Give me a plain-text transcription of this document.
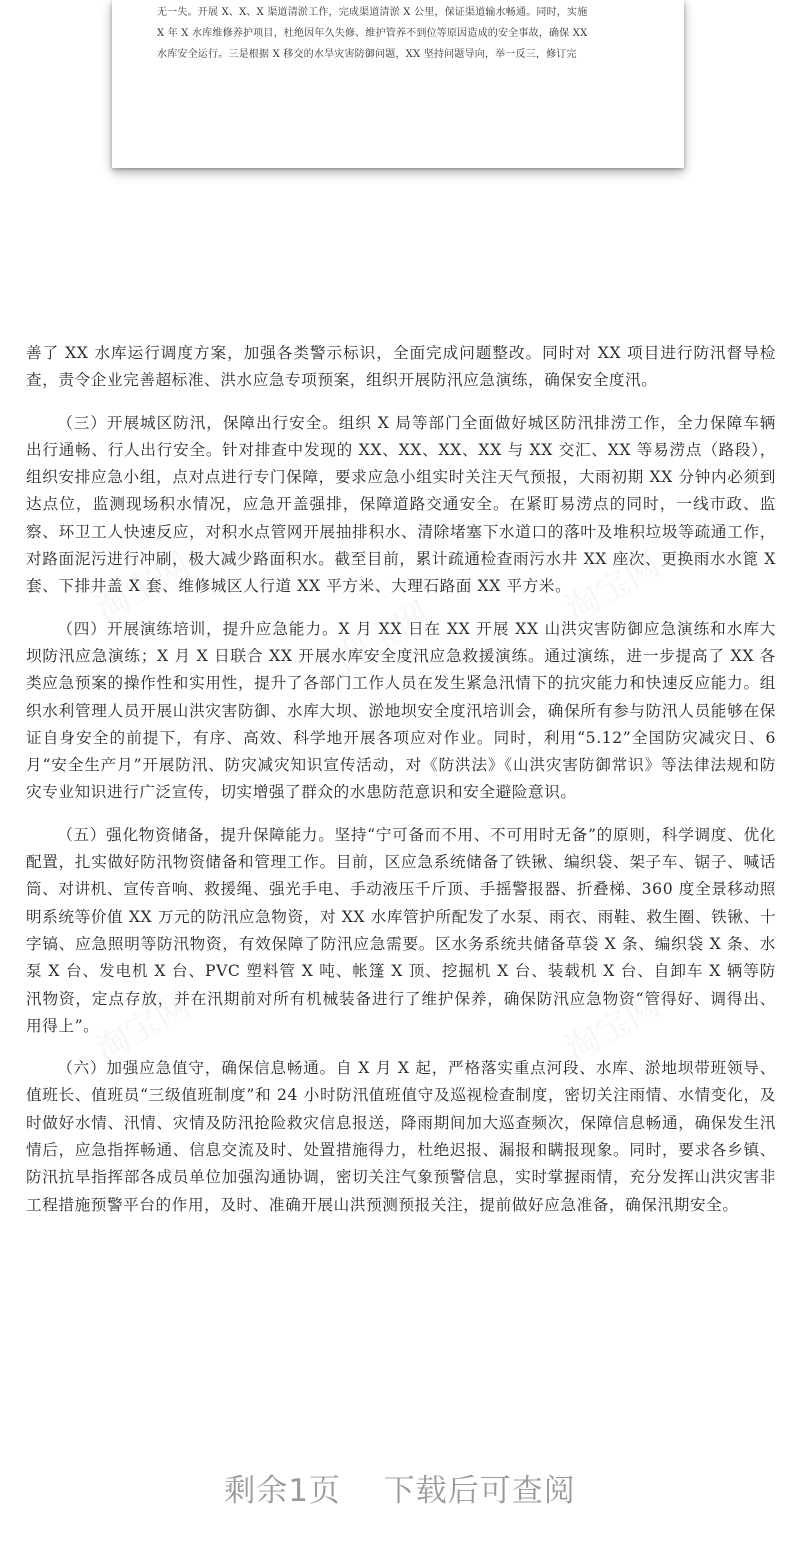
无一失。开展 X、X、X 渠道清淤工作，完成渠道清淤 X 公里，保证渠道输水畅通。同时，实施
X 年 X 水库维修养护项目，杜绝因年久失修、维护管养不到位等原因造成的安全事故，确保 XX
水库安全运行。三是根据 X 移交的水旱灾害防御问题，XX 坚持问题导向，举一反三，修订完
淘宝网
淘宝网
淘宝网
淘宝网	淘宝网

善了 XX 水库运行调度方案，加强各类警示标识，全面完成问题整改。同时对 XX 项目进行防汛督导检查，责令企业完善超标准、洪水应急专项预案，组织开展防汛应急演练，确保安全度汛。

（三）开展城区防汛，保障出行安全。组织 X 局等部门全面做好城区防汛排涝工作，全力保障车辆出行通畅、行人出行安全。针对排查中发现的 XX、XX、XX、XX 与 XX 交汇、XX 等易涝点（路段），组织安排应急小组，点对点进行专门保障，要求应急小组实时关注天气预报，大雨初期 XX 分钟内必须到达点位，监测现场积水情况，应急开盖强排，保障道路交通安全。在紧盯易涝点的同时，一线市政、监察、环卫工人快速反应，对积水点管网开展抽排积水、清除堵塞下水道口的落叶及堆积垃圾等疏通工作，对路面泥污进行冲刷，极大减少路面积水。截至目前，累计疏通检查雨污水井 XX 座次、更换雨水水篦 X 套、下排井盖 X 套、维修城区人行道 XX 平方米、大理石路面 XX 平方米。

（四）开展演练培训，提升应急能力。X 月 XX 日在 XX 开展 XX 山洪灾害防御应急演练和水库大坝防汛应急演练；X 月 X 日联合 XX 开展水库安全度汛应急救援演练。通过演练，进一步提高了 XX 各类应急预案的操作性和实用性，提升了各部门工作人员在发生紧急汛情下的抗灾能力和快速反应能力。组织水利管理人员开展山洪灾害防御、水库大坝、淤地坝安全度汛培训会，确保所有参与防汛人员能够在保证自身安全的前提下，有序、高效、科学地开展各项应对作业。同时，利用“5.12”全国防灾减灾日、6 月“安全生产月”开展防汛、防灾减灾知识宣传活动，对《防洪法》《山洪灾害防御常识》等法律法规和防灾专业知识进行广泛宣传，切实增强了群众的水患防范意识和安全避险意识。

（五）强化物资储备，提升保障能力。坚持“宁可备而不用、不可用时无备”的原则，科学调度、优化配置，扎实做好防汛物资储备和管理工作。目前，区应急系统储备了铁锹、编织袋、架子车、锯子、喊话筒、对讲机、宣传音响、救援绳、强光手电、手动液压千斤顶、手摇警报器、折叠梯、360 度全景移动照明系统等价值 XX 万元的防汛应急物资，对 XX 水库管护所配发了水泵、雨衣、雨鞋、救生圈、铁锹、十字镐、应急照明等防汛物资，有效保障了防汛应急需要。区水务系统共储备草袋 X 条、编织袋 X 条、水泵 X 台、发电机 X 台、PVC 塑料管 X 吨、帐篷 X 顶、挖掘机 X 台、装载机 X 台、自卸车 X 辆等防汛物资，定点存放，并在汛期前对所有机械装备进行了维护保养，确保防汛应急物资“管得好、调得出、用得上”。

（六）加强应急值守，确保信息畅通。自 X 月 X 起，严格落实重点河段、水库、淤地坝带班领导、值班长、值班员“三级值班制度”和 24 小时防汛值班值守及巡视检查制度，密切关注雨情、水情变化，及时做好水情、汛情、灾情及防汛抢险救灾信息报送，降雨期间加大巡查频次，保障信息畅通，确保发生汛情后，应急指挥畅通、信息交流及时、处置措施得力，杜绝迟报、漏报和瞒报现象。同时，要求各乡镇、防汛抗旱指挥部各成员单位加强沟通协调，密切关注气象预警信息，实时掌握雨情，充分发挥山洪灾害非工程措施预警平台的作用，及时、准确开展山洪预测预报关注，提前做好应急准备，确保汛期安全。

剩余1页 下载后可查阅
